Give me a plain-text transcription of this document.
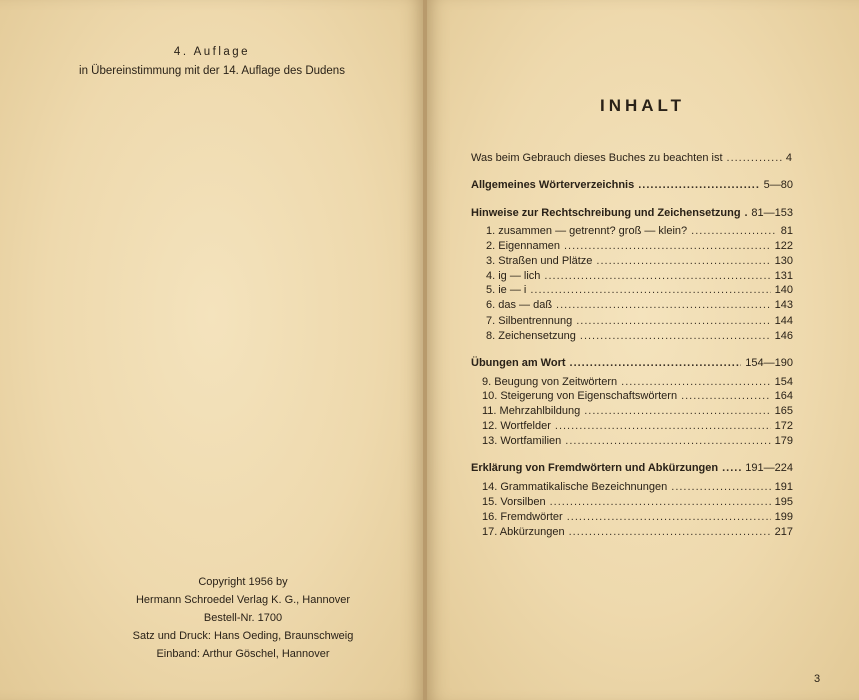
4. Auflage
in Übereinstimmung mit der 14. Auflage des Dudens
Copyright 1956 by
Hermann Schroedel Verlag K. G., Hannover
Bestell-Nr. 1700
Satz und Druck: Hans Oeding, Braunschweig
Einband: Arthur Göschel, Hannover
INHALT
Was beim Gebrauch dieses Buches zu beachten ist .....	4
Allgemeines Wörterverzeichnis .....	5—80
Hinweise zur Rechtschreibung und Zeichensetzung ..... 81—153
1. zusammen — getrennt? groß — klein? .....	81
2. Eigennamen .....	122
3. Straßen und Plätze .....	130
4. ig — lich .....	131
5. ie — i .....	140
6. das — daß .....	143
7. Silbentrennung .....	144
8. Zeichensetzung .....	146
Übungen am Wort .....	154—190
9. Beugung von Zeitwörtern .....	154
10. Steigerung von Eigenschaftswörtern .....	164
11. Mehrzahlbildung .....	165
12. Wortfelder .....	172
13. Wortfamilien .....	179
Erklärung von Fremdwörtern und Abkürzungen ..... 191—224
14. Grammatikalische Bezeichnungen .....	191
15. Vorsilben .....	195
16. Fremdwörter .....	199
17. Abkürzungen .....	217
3
